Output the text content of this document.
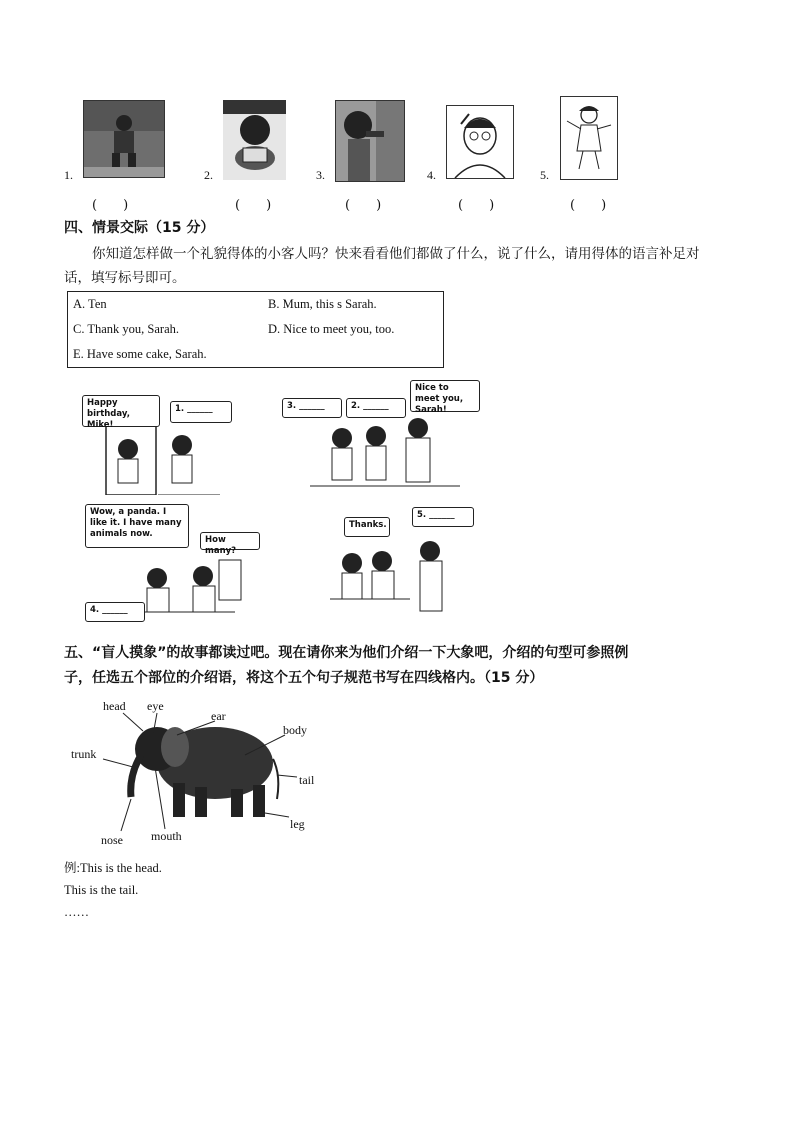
1.	2.	3.	4.	5.
(　　)	(　　)	(　　)	(　　)	(　　)
四、情景交际（15 分）
你知道怎样做一个礼貌得体的小客人吗？快来看看他们都做了什么，说了什么，请用得体的语言补足对
话，填写标号即可。
A. Ten	B. Mum, this s Sarah.
C. Thank you, Sarah.	D. Nice to meet you, too.
E. Have some cake, Sarah.
Happy birthday, Mike!
1. ______	3. ______	2. ______
Nice to meet you, Sarah!
Wow, a panda. I like it. I have many animals now.
How many?
4. ______
Thanks.
5. ______
五、“盲人摸象”的故事都读过吧。现在请你来为他们介绍一下大象吧，介绍的句型可参照例
子，任选五个部位的介绍语，将这个五个句子规范书写在四线格内。（15 分）
head eye
ear
body
trunk
tail
leg
nose mouth
例:This is the head.
This is the tail.
……
